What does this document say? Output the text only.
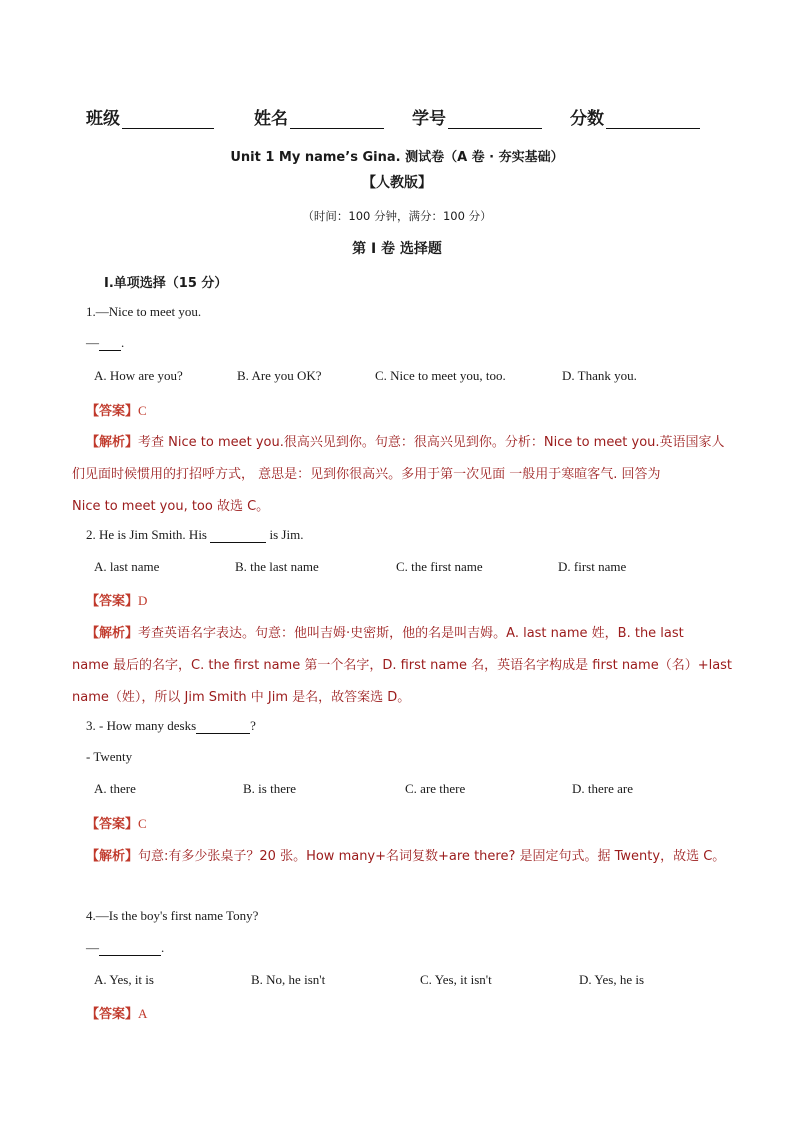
班级	姓名	学号	分数
Unit 1 My name’s Gina. 测试卷（A 卷 · 夯实基础）
【人教版】
（时间：100 分钟，满分：100 分）
第 I 卷 选择题
I.单项选择（15 分）
1.—Nice to meet you.
— .
A. How are you?	B. Are you OK?	C. Nice to meet you, too.	D. Thank you.
【答案】C
【解析】考查 Nice to meet you.很高兴见到你。句意：很高兴见到你。分析：Nice to meet you.英语国家人
们见面时候惯用的打招呼方式， 意思是：见到你很高兴。多用于第一次见面 一般用于寒暄客气. 回答为
Nice to meet you, too 故选 C。
2. He is Jim Smith. His	is Jim.
A. last name	B. the last name	C. the first name	D. first name
【答案】D
【解析】考查英语名字表达。句意：他叫吉姆·史密斯，他的名是叫吉姆。A. last name 姓，B. the last
name 最后的名字，C. the first name 第一个名字，D. first name 名，英语名字构成是 first name（名）+last
name（姓），所以 Jim Smith 中 Jim 是名，故答案选 D。
3. - How many desks	?
- Twenty
A. there	B. is there	C. are there	D. there are
【答案】C
【解析】句意:有多少张桌子？20 张。How many+名词复数+are there? 是固定句式。据 Twenty，故选 C。
4.—Is the boy's first name Tony?
—	.
A. Yes, it is	B. No, he isn't	C. Yes, it isn't	D. Yes, he is
【答案】A
